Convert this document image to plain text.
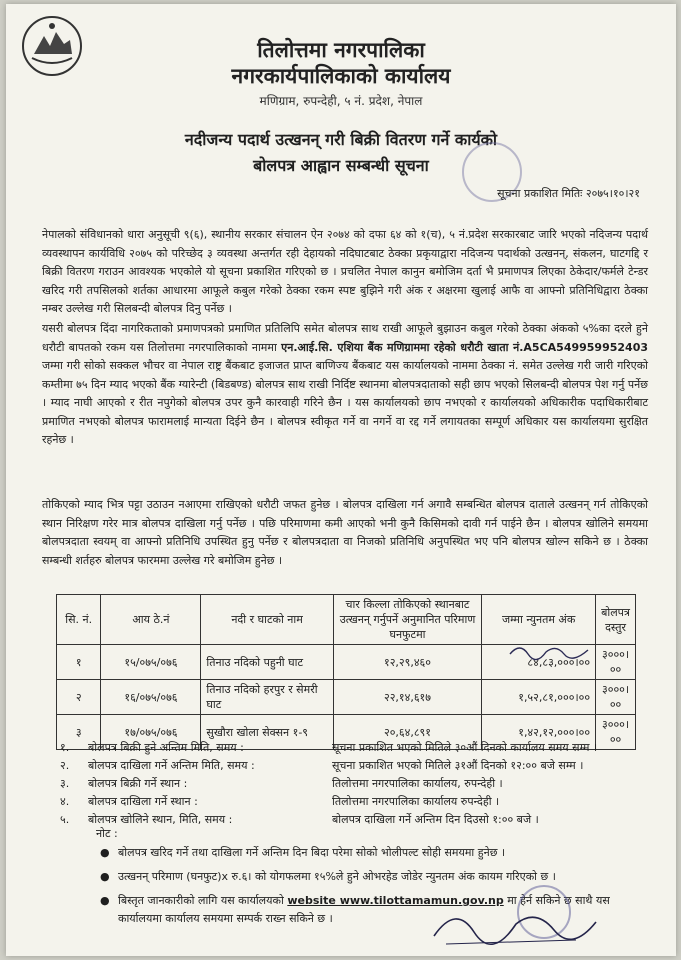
तिलोत्तमा नगरपालिका
नगरकार्यपालिकाको कार्यालय
मणिग्राम, रुपन्देही, ५ नं. प्रदेश, नेपाल
नदीजन्य पदार्थ उत्खनन् गरी बिक्री वितरण गर्ने कार्यको
बोलपत्र आह्वान सम्बन्धी सूचना
सूचना प्रकाशित मितिः २०७५।१०।२१
नेपालको संविधानको धारा अनुसूची ९(६), स्थानीय सरकार संचालन ऐन २०७४ को दफा ६४ को १(च), ५ नं.प्रदेश सरकारबाट जारि भएको नदिजन्य पदार्थ व्यवस्थापन कार्यविधि २०७५ को परिच्छेद ३ व्यवस्था अन्तर्गत रही देहायको नदिघाटबाट ठेक्का प्रकृयाद्वारा नदिजन्य पदार्थको उत्खनन्, संकलन, घाटगद्दि र बिक्री वितरण गराउन आवश्यक भएकोले यो सूचना प्रकाशित गरिएको छ । प्रचलित नेपाल कानुन बमोजिम दर्ता भै प्रमाणपत्र लिएका ठेकेदार/फर्मले टेन्डर खरिद गरी तपसिलको शर्तका आधारमा आफूले कबुल गरेको ठेक्का रकम स्पष्ट बुझिने गरी अंक र अक्षरमा खुलाई आफै वा आफ्नो प्रतिनिधिद्वारा ठेक्का नम्बर उल्लेख गरी सिलबन्दी बोलपत्र दिनु पर्नेछ ।
यसरी बोलपत्र दिंदा नागरिकताको प्रमाणपत्रको प्रमाणित प्रतिलिपि समेत बोलपत्र साथ राखी आफूले बुझाउन कबुल गरेको ठेक्का अंकको ५%का दरले हुने धरौटी बापतको रकम यस तिलोत्तमा नगरपालिकाको नाममा एन.आई.सि. एशिया बैंक मणिग्राममा रहेको धरौटी खाता नं.A5CA549959952403 जम्मा गरी सोको सक्कल भौचर वा नेपाल राष्ट्र बैंकबाट इजाजत प्राप्त बाणिज्य बैंकबाट यस कार्यालयको नाममा ठेक्का नं. समेत उल्लेख गरी जारी गरिएको कम्तीमा ७५ दिन म्याद भएको बैंक ग्यारेन्टी (बिडबण्ड) बोलपत्र साथ राखी निर्दिष्ट स्थानमा बोलपत्रदाताको सही छाप भएको सिलबन्दी बोलपत्र पेश गर्नु पर्नेछ । म्याद नाघी आएको र रीत नपुगेको बोलपत्र उपर कुनै कारवाही गरिने छैन । यस कार्यालयको छाप नभएको र कार्यालयको अधिकारीक पदाधिकारीबाट प्रमाणित नभएको बोलपत्र फारामलाई मान्यता दिईने छैन । बोलपत्र स्वीकृत गर्ने वा नगर्ने वा रद्द गर्ने लगायतका सम्पूर्ण अधिकार यस कार्यालयमा सुरक्षित रहनेछ ।
तोकिएको म्याद भित्र पट्टा उठाउन नआएमा राखिएको धरौटी जफत हुनेछ । बोलपत्र दाखिला गर्न अगावै सम्बन्धित बोलपत्र दाताले उत्खनन् गर्न तोकिएको स्थान निरिक्षण गरेर मात्र बोलपत्र दाखिला गर्नु पर्नेछ । पछि परिमाणमा कमी आएको भनी कुनै किसिमको दावी गर्न पाईने छैन । बोलपत्र खोलिने समयमा बोलपत्रदाता स्वयम् वा आफ्नो प्रतिनिधि उपस्थित हुनु पर्नेछ र बोलपत्रदाता वा निजको प्रतिनिधि अनुपस्थित भए पनि बोलपत्र खोल्न सकिने छ । ठेक्का सम्बन्धी शर्तहरु बोलपत्र फारममा उल्लेख गरे बमोजिम हुनेछ ।
सि. नं.	आय ठे.नं	नदी र घाटको नाम	चार किल्ला तोकिएको स्थानबाट उत्खनन् गर्नुपर्ने अनुमानित परिमाण घनफुटमा	जम्मा न्युनतम अंक	बोलपत्र दस्तुर
१	१५/०७५/०७६	तिनाउ नदिको पहुनी घाट	१२,२९,४६०	८४,८३,०००।००	३०००।००
२	१६/०७५/०७६	तिनाउ नदिको हरपुर र सेमरी घाट	२२,१४,६१७	१,५२,८१,०००।००	३०००।००
३	१७/०७५/०७६	सुखौरा खोला सेक्सन १-९	२०,६४,८९१	१,४२,१२,०००।००	३०००।००
१. बोलपत्र बिक्री हुने अन्तिम मिति, समय :	सूचना प्रकाशित भएको मितिले ३०औं दिनको कार्यालय समय सम्म ।
२. बोलपत्र दाखिला गर्ने अन्तिम मिति, समय :	सूचना प्रकाशित भएको मितिले ३१औं दिनको १२:०० बजे सम्म ।
३. बोलपत्र बिक्री गर्ने स्थान :	तिलोत्तमा नगरपालिका कार्यालय, रुपन्देही ।
४. बोलपत्र दाखिला गर्ने स्थान :	तिलोत्तमा नगरपालिका कार्यालय रुपन्देही ।
५. बोलपत्र खोलिने स्थान, मिति, समय :	बोलपत्र दाखिला गर्ने अन्तिम दिन दिउसो १:०० बजे ।
नोट :
● बोलपत्र खरिद गर्ने तथा दाखिला गर्ने अन्तिम दिन बिदा परेमा सोको भोलीपल्ट सोही समयमा हुनेछ ।
● उत्खनन् परिमाण (घनफुट)x रु.६। को योगफलमा १५%ले हुने ओभरहेड जोडेर न्युनतम अंक कायम गरिएको छ ।
● बिस्तृत जानकारीको लागि यस कार्यालयको website www.tilottamamun.gov.np मा हेर्न सकिने छ साथै यस कार्यालयमा कार्यालय समयमा सम्पर्क राख्न सकिने छ ।
